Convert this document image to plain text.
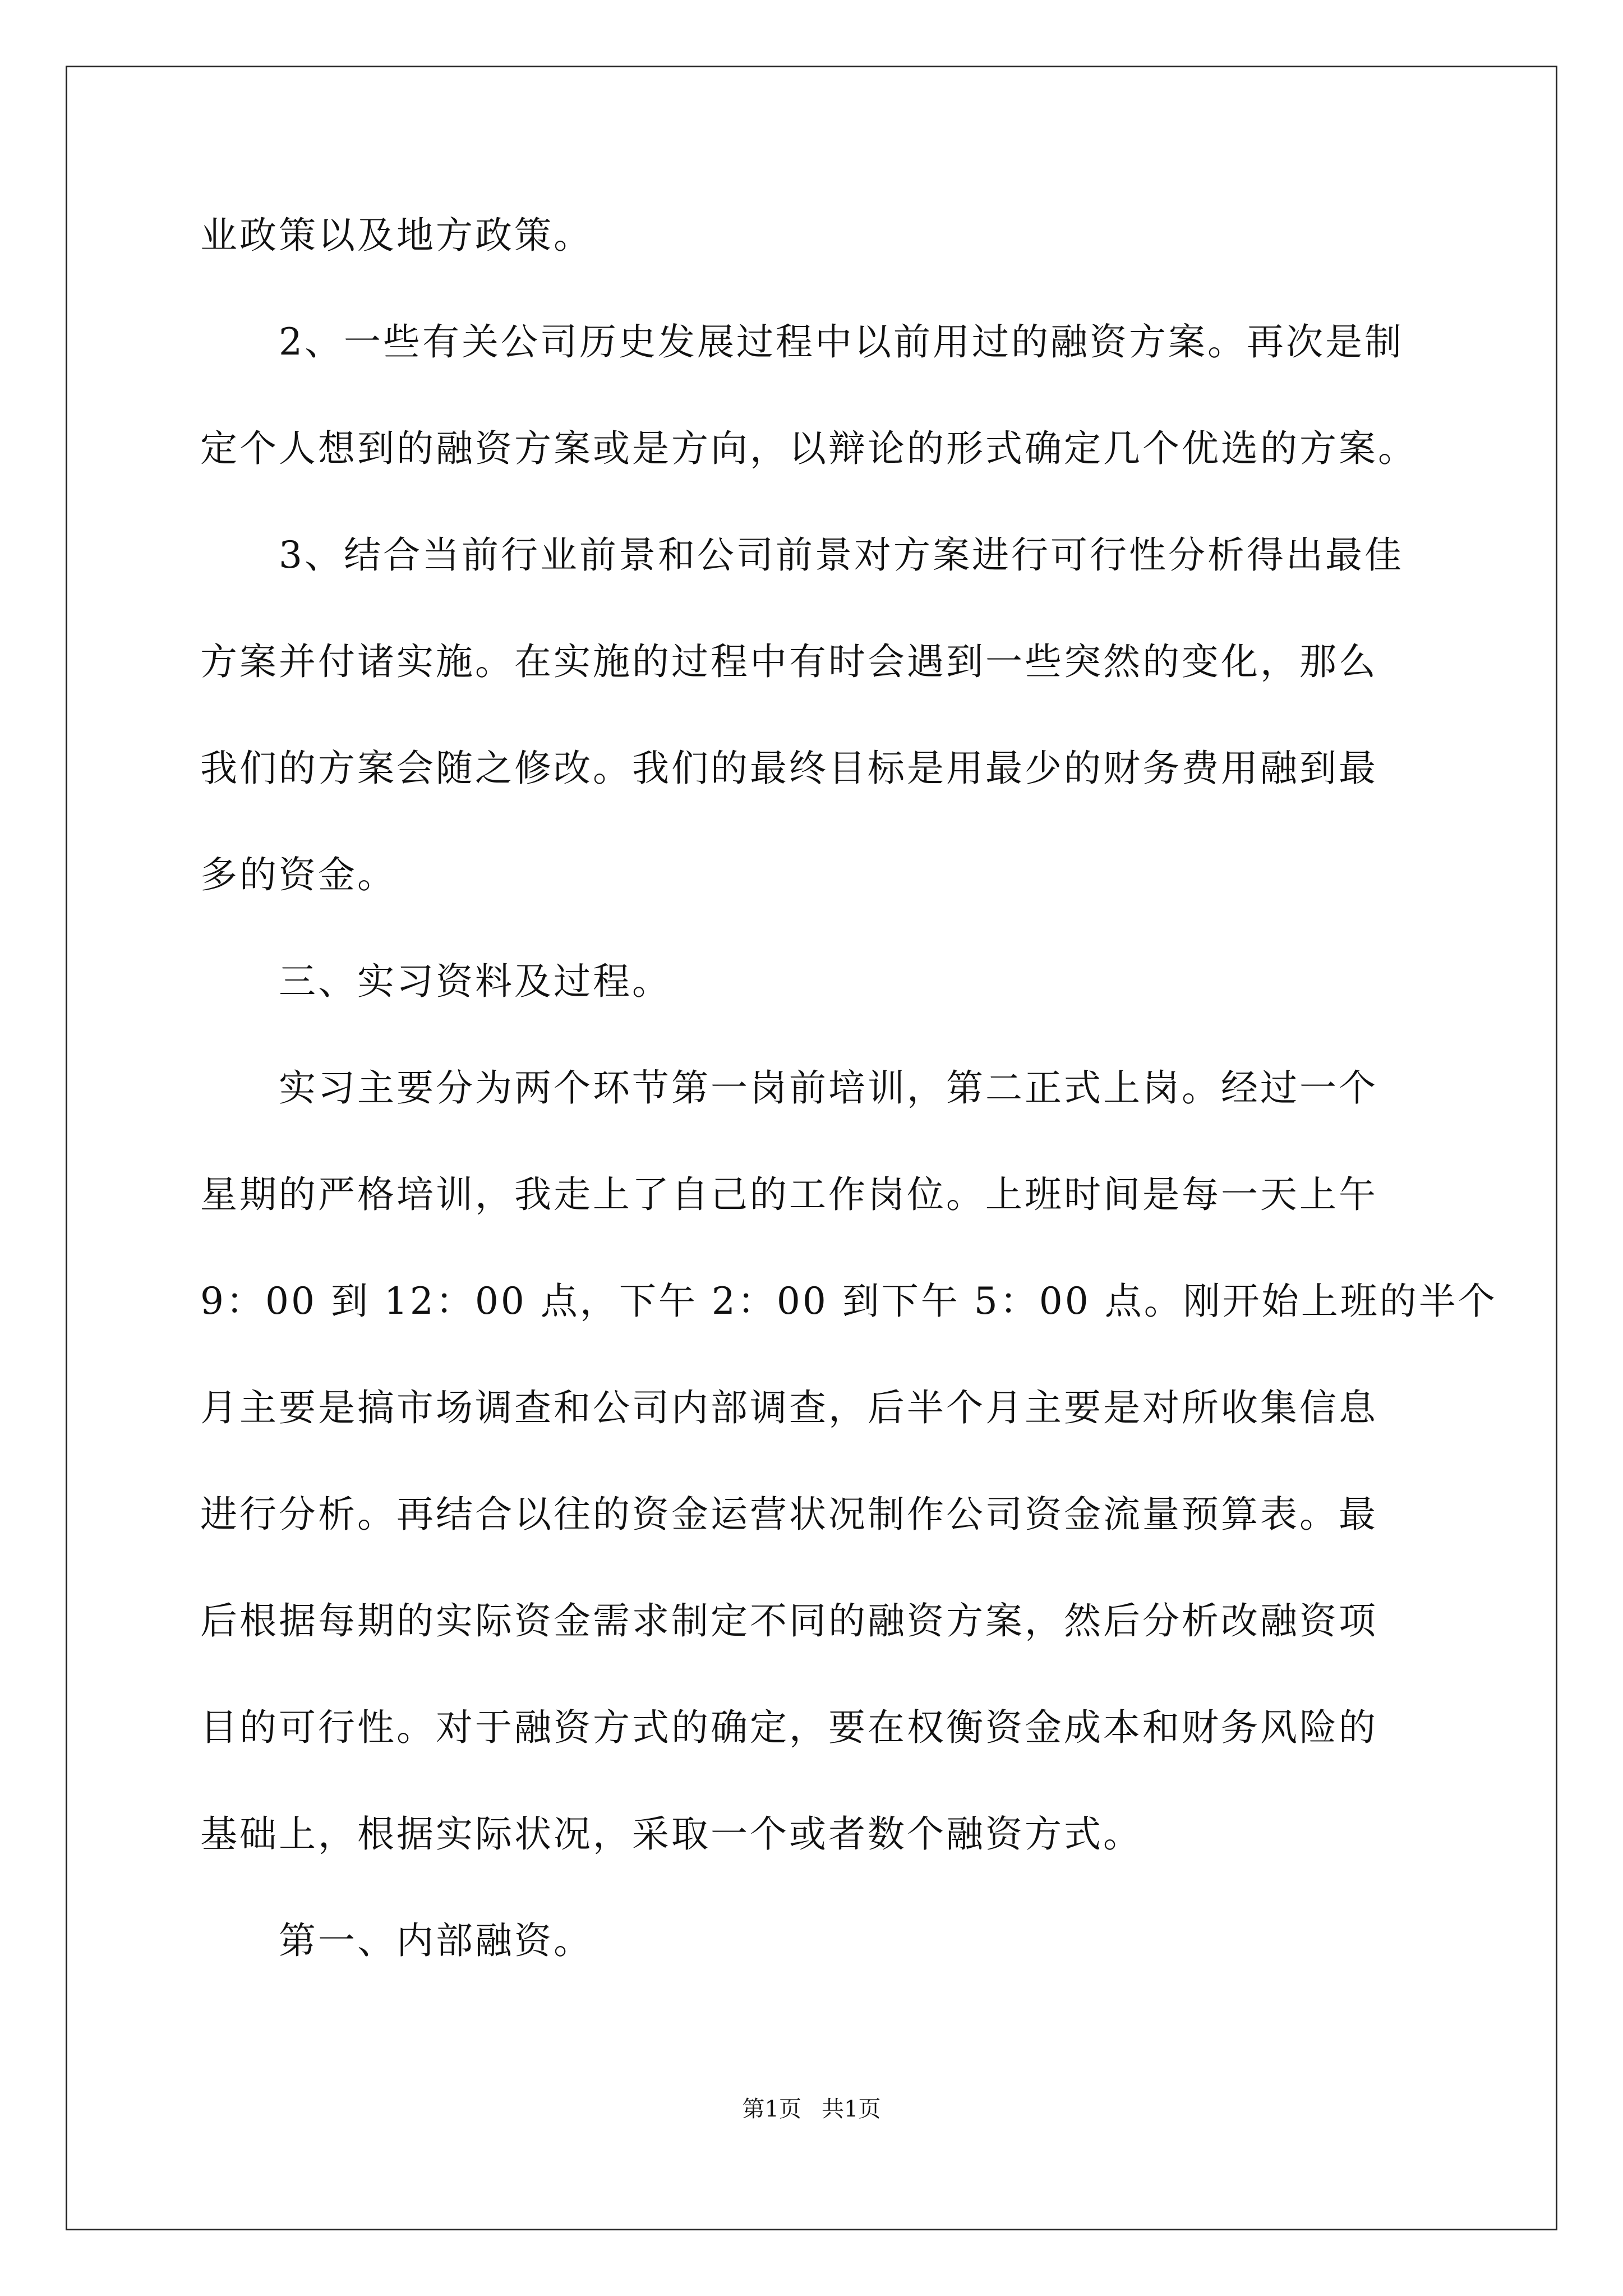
业政策以及地方政策。
2、一些有关公司历史发展过程中以前用过的融资方案。再次是制
定个人想到的融资方案或是方向，以辩论的形式确定几个优选的方案。
3、结合当前行业前景和公司前景对方案进行可行性分析得出最佳
方案并付诸实施。在实施的过程中有时会遇到一些突然的变化，那么
我们的方案会随之修改。我们的最终目标是用最少的财务费用融到最
多的资金。
三、实习资料及过程。
实习主要分为两个环节第一岗前培训，第二正式上岗。经过一个
星期的严格培训，我走上了自己的工作岗位。上班时间是每一天上午
9：00 到 12：00 点，下午 2：00 到下午 5：00 点。刚开始上班的半个
月主要是搞市场调查和公司内部调查，后半个月主要是对所收集信息
进行分析。再结合以往的资金运营状况制作公司资金流量预算表。最
后根据每期的实际资金需求制定不同的融资方案，然后分析改融资项
目的可行性。对于融资方式的确定，要在权衡资金成本和财务风险的
基础上，根据实际状况，采取一个或者数个融资方式。
第一、内部融资。
第1页 共1页
